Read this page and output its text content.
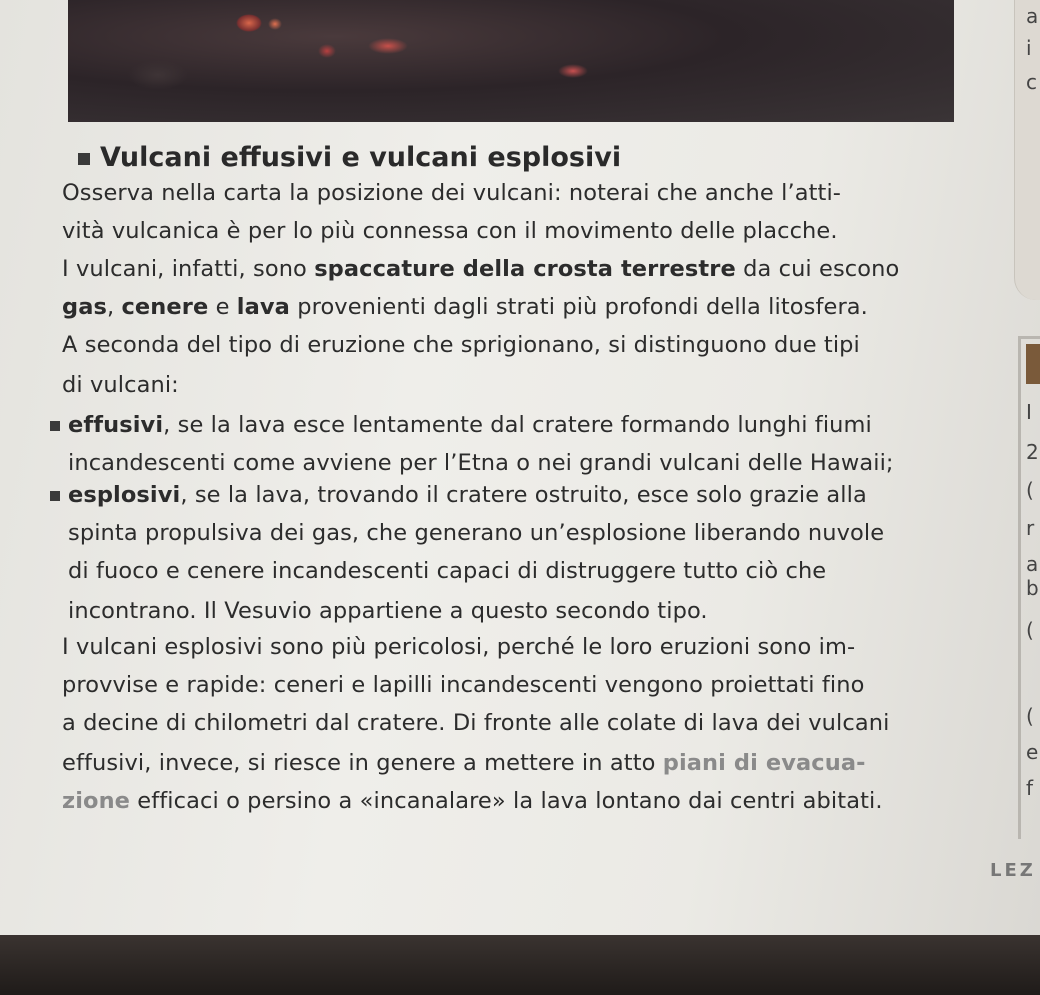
a
i
c
I
2
(
r
a
b
(
(
e
f
Vulcani effusivi e vulcani esplosivi
Osserva nella carta la posizione dei vulcani: noterai che anche l’atti-
vità vulcanica è per lo più connessa con il movimento delle placche.
I vulcani, infatti, sono spaccature della crosta terrestre da cui escono
gas, cenere e lava provenienti dagli strati più profondi della litosfera.
A seconda del tipo di eruzione che sprigionano, si distinguono due tipi
di vulcani:
effusivi, se la lava esce lentamente dal cratere formando lunghi fiumi
incandescenti come avviene per l’Etna o nei grandi vulcani delle Hawaii;
esplosivi, se la lava, trovando il cratere ostruito, esce solo grazie alla
spinta propulsiva dei gas, che generano un’esplosione liberando nuvole
di fuoco e cenere incandescenti capaci di distruggere tutto ciò che
incontrano. Il Vesuvio appartiene a questo secondo tipo.
I vulcani esplosivi sono più pericolosi, perché le loro eruzioni sono im-
provvise e rapide: ceneri e lapilli incandescenti vengono proiettati fino
a decine di chilometri dal cratere. Di fronte alle colate di lava dei vulcani
effusivi, invece, si riesce in genere a mettere in atto piani di evacua-
zione efficaci o persino a «incanalare» la lava lontano dai centri abitati.
LEZ
